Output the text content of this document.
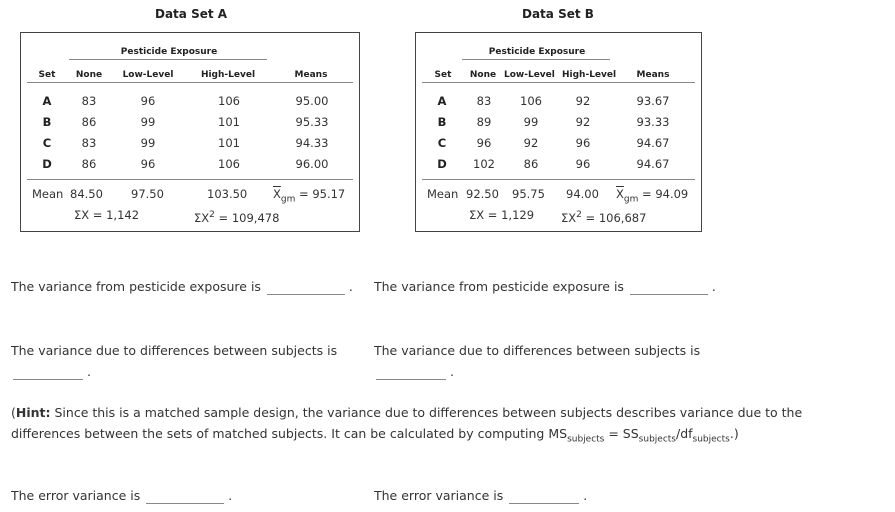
Data Set A
Pesticide Exposure
Set	None	Low-Level	High-Level	Means
A	83	96	106	95.00
B	86	99	101	95.33
C	83	99	101	94.33
D	86	96	106	96.00
Mean 84.50 97.50	103.50 $\overline{X}_{gm} = 95.17$
ΣX = 1,142	$\Sigma X^2 = 109,478$
Data Set B
Pesticide Exposure
Set	None Low-Level High-Level	Means
A	83	106	92	93.67
B	89	99	92	93.33
C	96	92	96	94.67
D	102	86	96	94.67
Mean 92.50 95.75 94.00 $\overline{X}_{gm} = 94.09$
ΣX = 1,129 $\Sigma X^2 = 106,687$
The variance from pesticide exposure is	. The variance from pesticide exposure is	.
The variance due to differences between subjects is
.
The variance due to differences between subjects is
.
(Hint: Since this is a matched sample design, the variance due to differences between subjects describes variance due to the differences between the sets of matched subjects. It can be calculated by computing $MS_{subjects} = SS_{subjects}/df_{subjects}$.)
The error variance is	.	The error variance is	.
